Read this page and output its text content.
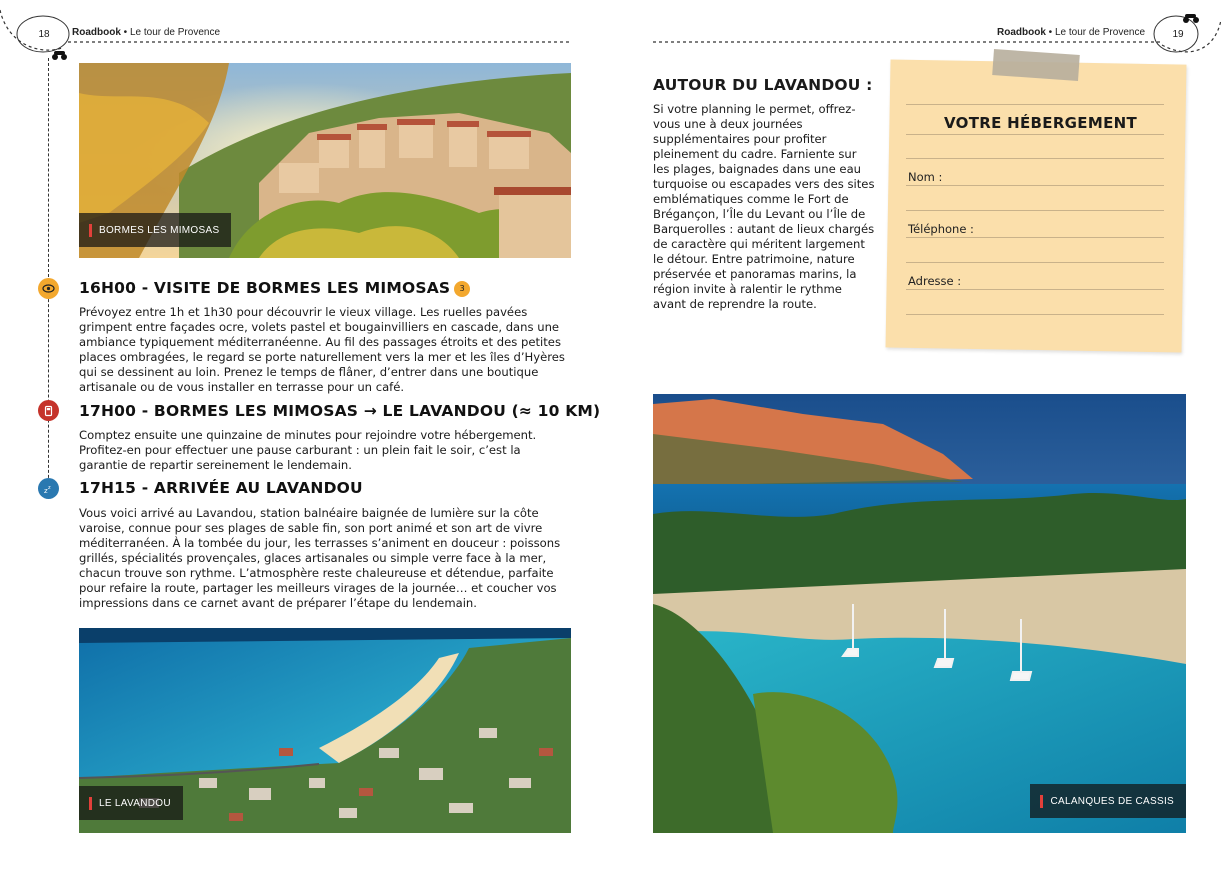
18	Roadbook • Le tour de Provence	Roadbook • Le tour de Provence	19
BORMES LES MIMOSAS
z z
16H00 - VISITE DE BORMES LES MIMOSAS 3
Prévoyez entre 1h et 1h30 pour découvrir le vieux village. Les ruelles pavées grimpent entre façades ocre, volets pastel et bougainvilliers en cascade, dans une ambiance typiquement méditerranéenne. Au fil des passages étroits et des petites places ombragées, le regard se porte naturellement vers la mer et les îles d’Hyères qui se dessinent au loin. Prenez le temps de flâner, d’entrer dans une boutique artisanale ou de vous installer en terrasse pour un café.
17H00 - BORMES LES MIMOSAS → LE LAVANDOU (≈ 10 KM)
Comptez ensuite une quinzaine de minutes pour rejoindre votre hébergement. Profitez-en pour effectuer une pause carburant : un plein fait le soir, c’est la garantie de repartir sereinement le lendemain.
17H15 - ARRIVÉE AU LAVANDOU
Vous voici arrivé au Lavandou, station balnéaire baignée de lumière sur la côte varoise, connue pour ses plages de sable fin, son port animé et son art de vivre méditerranéen. À la tombée du jour, les terrasses s’animent en douceur : poissons grillés, spécialités provençales, glaces artisanales ou simple verre face à la mer, chacun trouve son rythme. L’atmosphère reste chaleureuse et détendue, parfaite pour refaire la route, partager les meilleurs virages de la journée… et coucher vos impressions dans ce carnet avant de préparer l’étape du lendemain.
LE LAVANDOU
AUTOUR DU LAVANDOU :
Si votre planning le permet, offrez-vous une à deux journées supplémentaires pour profiter pleinement du cadre. Farniente sur les plages, baignades dans une eau turquoise ou escapades vers des sites emblématiques comme le Fort de Brégançon, l’Île du Levant ou l’Île de Barquerolles : autant de lieux chargés de caractère qui méritent largement le détour. Entre patrimoine, nature préservée et panoramas marins, la région invite à ralentir le rythme avant de reprendre la route.
VOTRE HÉBERGEMENT
Nom :
Téléphone :
Adresse :
CALANQUES DE CASSIS
